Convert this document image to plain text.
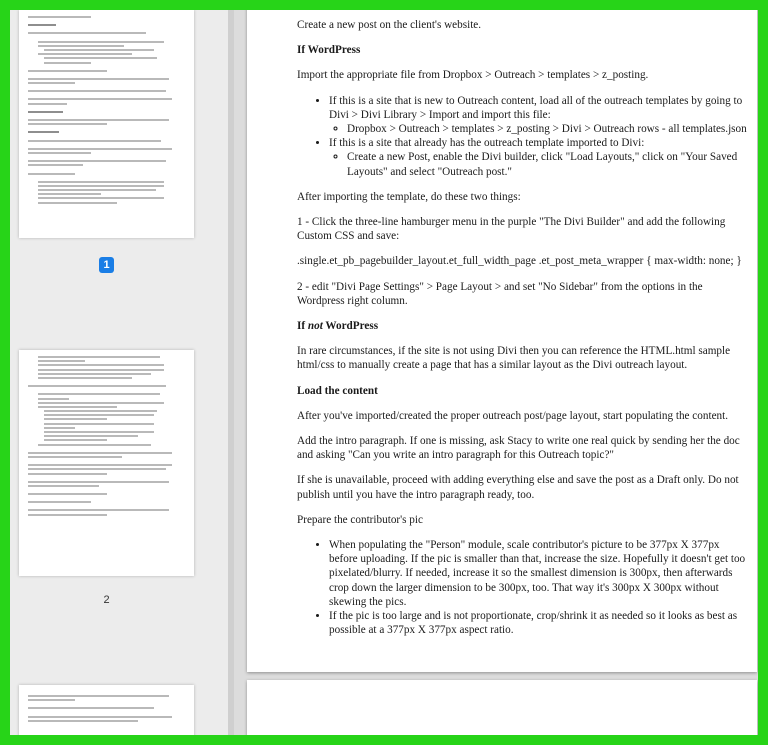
1
2

Create a new post on the client's website.

If WordPress

Import the appropriate file from Dropbox > Outreach > templates > z_posting.

• If this is a site that is new to Outreach content, load all of the outreach templates by going to Divi > Divi Library > Import and import this file:
◦ Dropbox > Outreach > templates > z_posting > Divi > Outreach rows - all templates.json
• If this is a site that already has the outreach template imported to Divi:
◦ Create a new Post, enable the Divi builder, click "Load Layouts," click on "Your Saved Layouts" and select "Outreach post."

After importing the template, do these two things:

1 - Click the three-line hamburger menu in the purple "The Divi Builder" and add the following Custom CSS and save:

.single.et_pb_pagebuilder_layout.et_full_width_page .et_post_meta_wrapper { max-width: none; }

2 - edit "Divi Page Settings" > Page Layout > and set "No Sidebar" from the options in the Wordpress right column.

If not WordPress

In rare circumstances, if the site is not using Divi then you can reference the HTML.html sample html/css to manually create a page that has a similar layout as the Divi outreach layout.

Load the content

After you've imported/created the proper outreach post/page layout, start populating the content.

Add the intro paragraph. If one is missing, ask Stacy to write one real quick by sending her the doc and asking "Can you write an intro paragraph for this Outreach topic?"

If she is unavailable, proceed with adding everything else and save the post as a Draft only. Do not publish until you have the intro paragraph ready, too.

Prepare the contributor's pic

• When populating the "Person" module, scale contributor's picture to be 377px X 377px before uploading. If the pic is smaller than that, increase the size. Hopefully it doesn't get too pixelated/blurry. If needed, increase it so the smallest dimension is 300px, then afterwards crop down the larger dimension to be 300px, too. That way it's 300px X 300px without skewing the pics.
• If the pic is too large and is not proportionate, crop/shrink it as needed so it looks as best as possible at a 377px X 377px aspect ratio.
